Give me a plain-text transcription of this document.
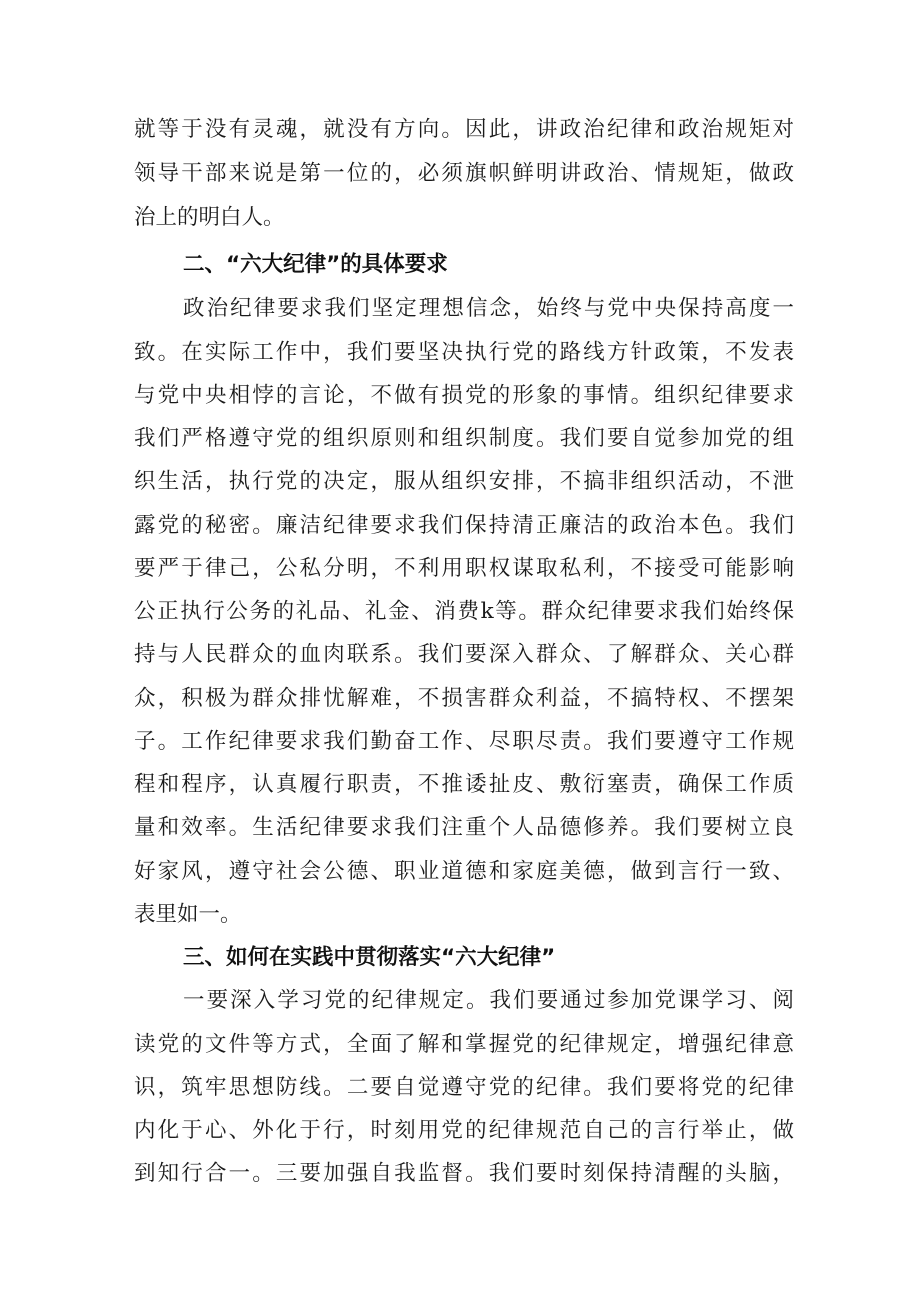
就等于没有灵魂，就没有方向。因此，讲政治纪律和政治规矩对
领导干部来说是第一位的，必须旗帜鲜明讲政治、情规矩，做政
治上的明白人。
二、“六大纪律”的具体要求
政治纪律要求我们坚定理想信念，始终与党中央保持高度一
致。在实际工作中，我们要坚决执行党的路线方针政策，不发表
与党中央相悖的言论，不做有损党的形象的事情。组织纪律要求
我们严格遵守党的组织原则和组织制度。我们要自觉参加党的组
织生活，执行党的决定，服从组织安排，不搞非组织活动，不泄
露党的秘密。廉洁纪律要求我们保持清正廉洁的政治本色。我们
要严于律己，公私分明，不利用职权谋取私利，不接受可能影响
公正执行公务的礼品、礼金、消费k等。群众纪律要求我们始终保
持与人民群众的血肉联系。我们要深入群众、了解群众、关心群
众，积极为群众排忧解难，不损害群众利益，不搞特权、不摆架
子。工作纪律要求我们勤奋工作、尽职尽责。我们要遵守工作规
程和程序，认真履行职责，不推诿扯皮、敷衍塞责，确保工作质
量和效率。生活纪律要求我们注重个人品德修养。我们要树立良
好家风，遵守社会公德、职业道德和家庭美德，做到言行一致、
表里如一。
三、如何在实践中贯彻落实“六大纪律”
一要深入学习党的纪律规定。我们要通过参加党课学习、阅
读党的文件等方式，全面了解和掌握党的纪律规定，增强纪律意
识，筑牢思想防线。二要自觉遵守党的纪律。我们要将党的纪律
内化于心、外化于行，时刻用党的纪律规范自己的言行举止，做
到知行合一。三要加强自我监督。我们要时刻保持清醒的头脑，
